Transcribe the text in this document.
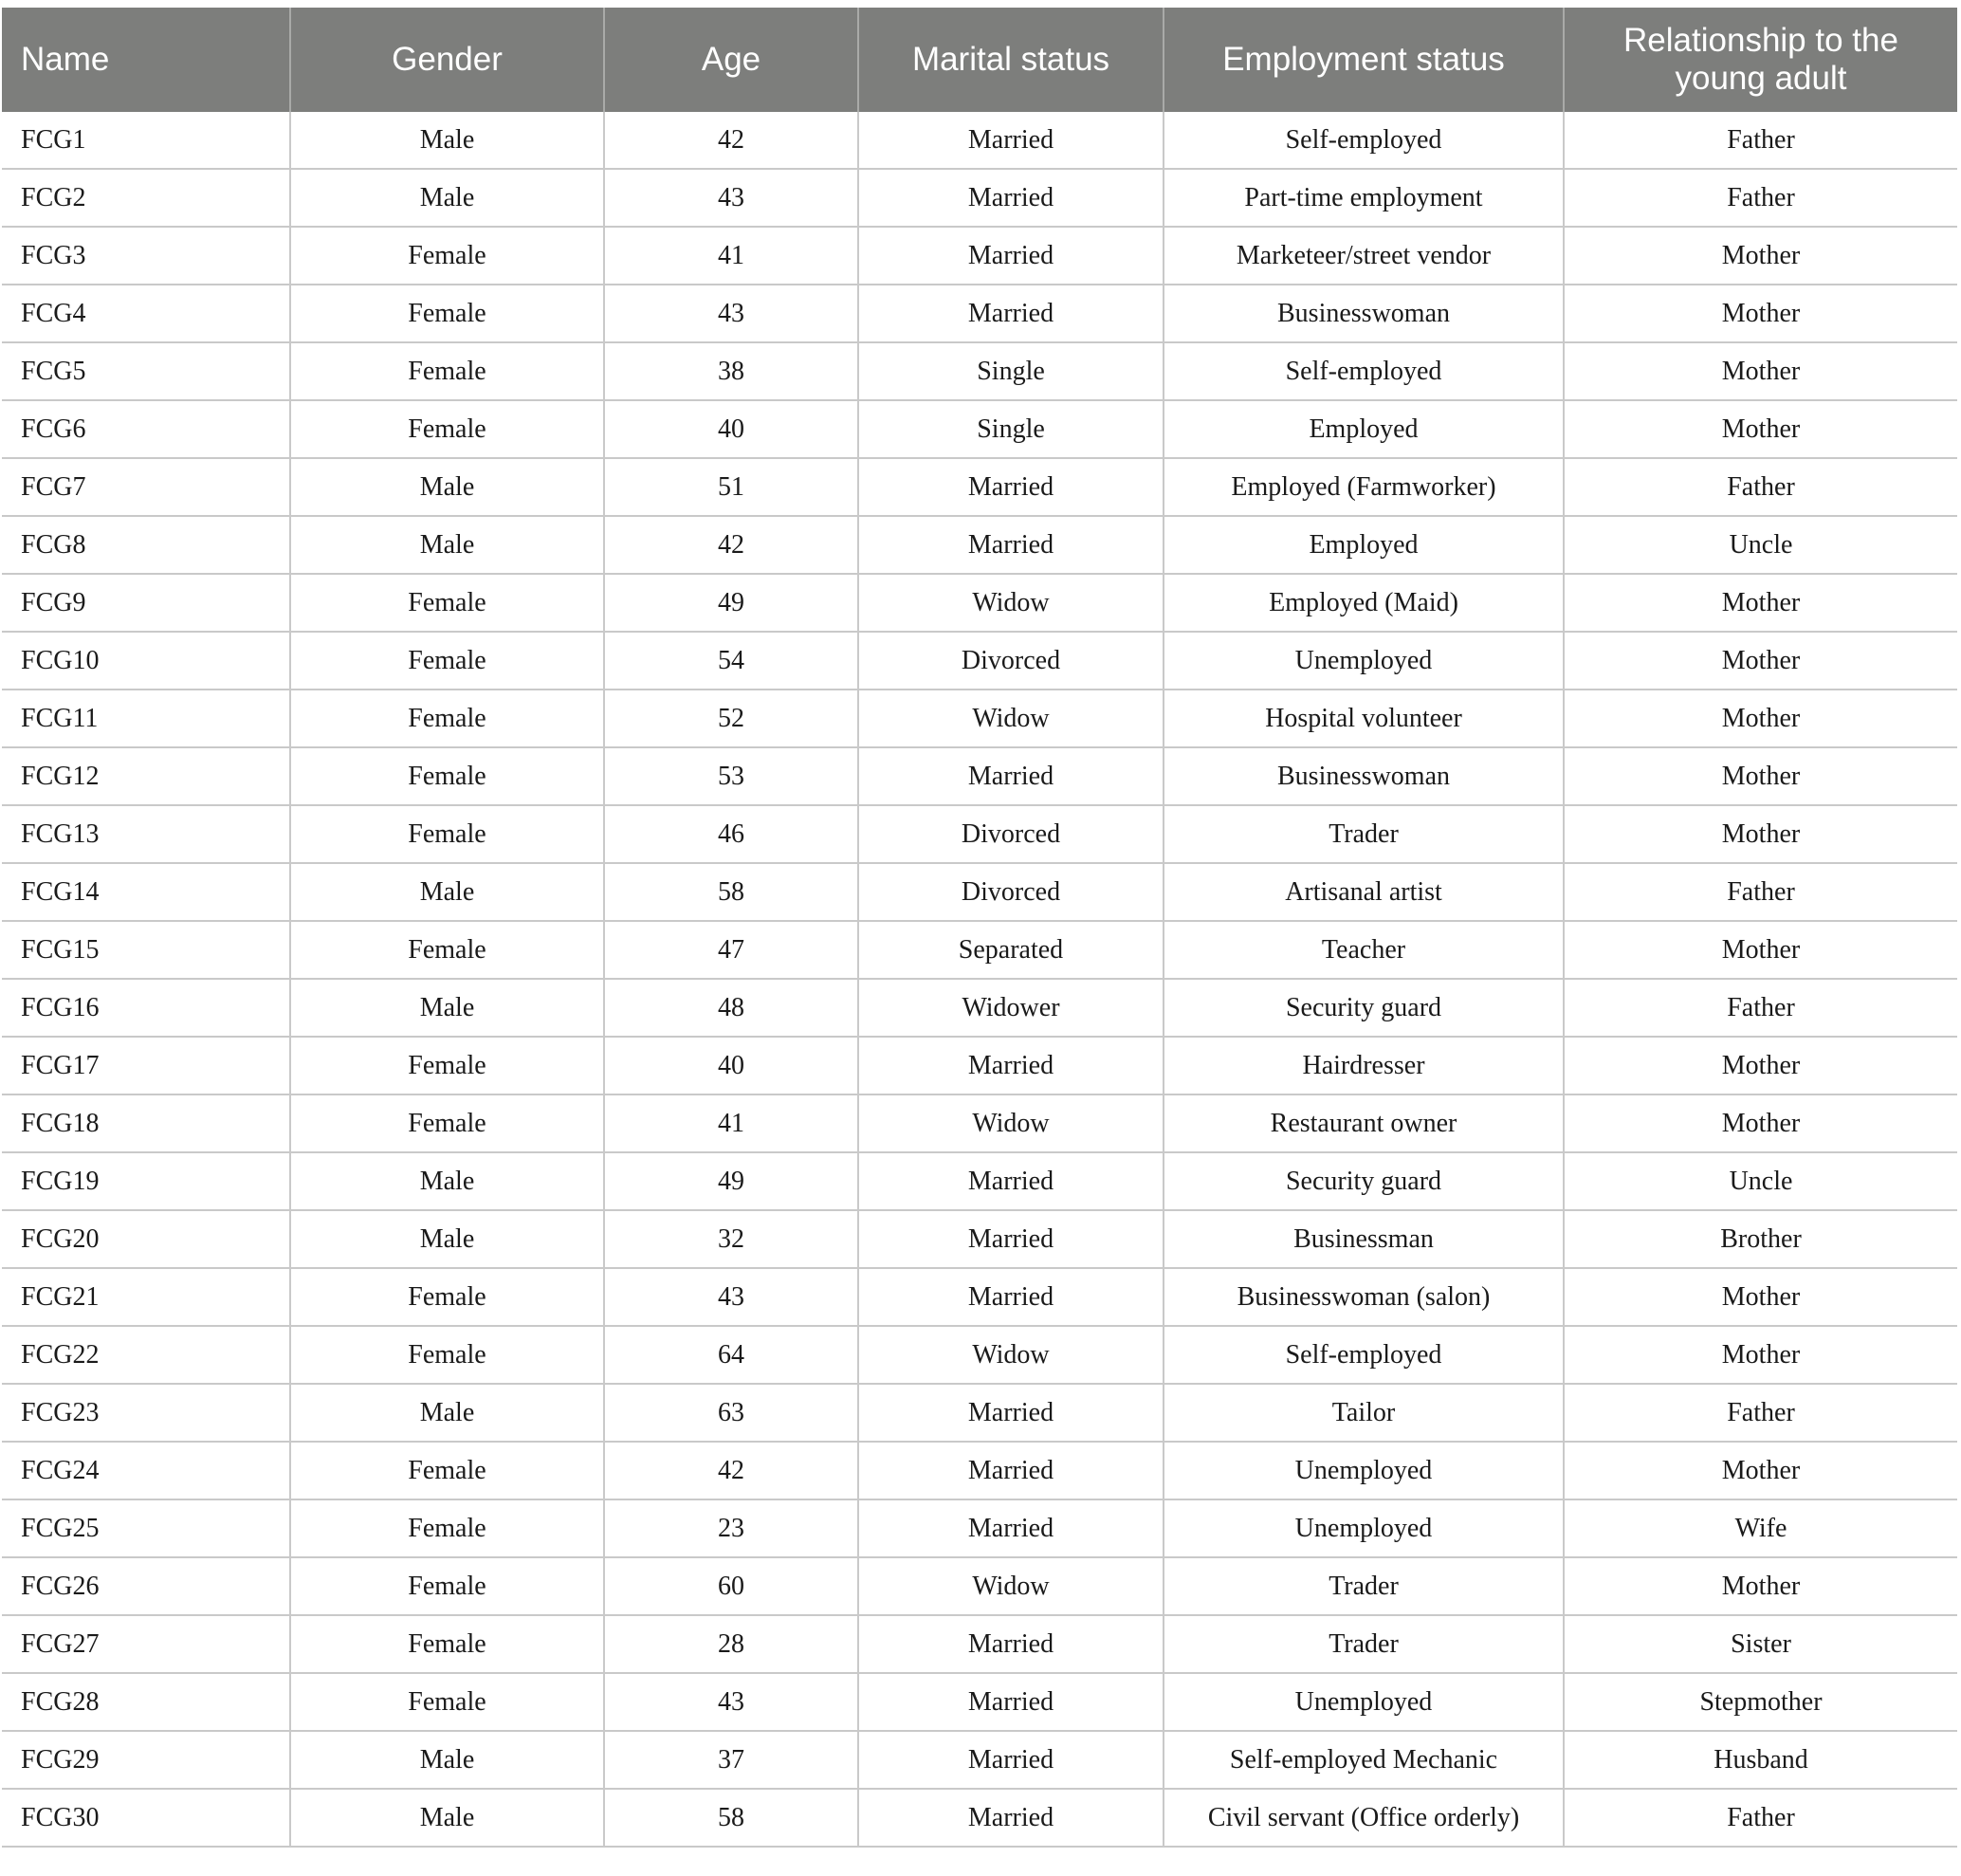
Name	Gender	Age	Marital status	Employment status	Relationship to the young adult
FCG1	Male	42	Married	Self-employed	Father
FCG2	Male	43	Married	Part-time employment	Father
FCG3	Female	41	Married	Marketeer/street vendor	Mother
FCG4	Female	43	Married	Businesswoman	Mother
FCG5	Female	38	Single	Self-employed	Mother
FCG6	Female	40	Single	Employed	Mother
FCG7	Male	51	Married	Employed (Farmworker)	Father
FCG8	Male	42	Married	Employed	Uncle
FCG9	Female	49	Widow	Employed (Maid)	Mother
FCG10	Female	54	Divorced	Unemployed	Mother
FCG11	Female	52	Widow	Hospital volunteer	Mother
FCG12	Female	53	Married	Businesswoman	Mother
FCG13	Female	46	Divorced	Trader	Mother
FCG14	Male	58	Divorced	Artisanal artist	Father
FCG15	Female	47	Separated	Teacher	Mother
FCG16	Male	48	Widower	Security guard	Father
FCG17	Female	40	Married	Hairdresser	Mother
FCG18	Female	41	Widow	Restaurant owner	Mother
FCG19	Male	49	Married	Security guard	Uncle
FCG20	Male	32	Married	Businessman	Brother
FCG21	Female	43	Married	Businesswoman (salon)	Mother
FCG22	Female	64	Widow	Self-employed	Mother
FCG23	Male	63	Married	Tailor	Father
FCG24	Female	42	Married	Unemployed	Mother
FCG25	Female	23	Married	Unemployed	Wife
FCG26	Female	60	Widow	Trader	Mother
FCG27	Female	28	Married	Trader	Sister
FCG28	Female	43	Married	Unemployed	Stepmother
FCG29	Male	37	Married	Self-employed Mechanic	Husband
FCG30	Male	58	Married	Civil servant (Office orderly)	Father
